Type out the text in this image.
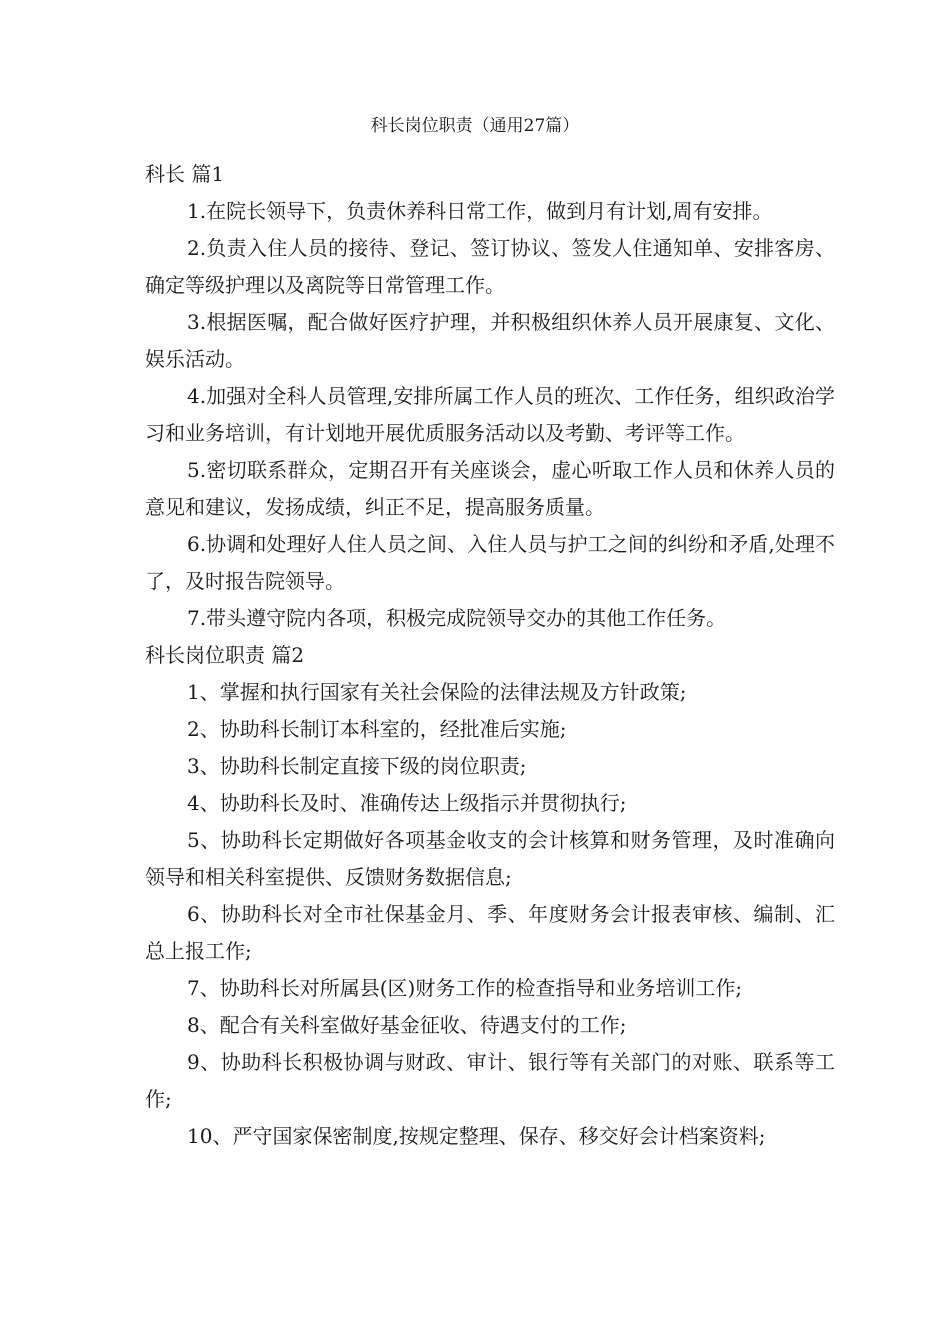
科长岗位职责（通用27篇）

科长 篇1

1.在院长领导下，负责休养科日常工作，做到月有计划,周有安排。

2.负责入住人员的接待、登记、签订协议、签发人住通知单、安排客房、确定等级护理以及离院等日常管理工作。

3.根据医嘱，配合做好医疗护理，并积极组织休养人员开展康复、文化、娱乐活动。

4.加强对全科人员管理,安排所属工作人员的班次、工作任务，组织政治学习和业务培训，有计划地开展优质服务活动以及考勤、考评等工作。

5.密切联系群众，定期召开有关座谈会，虚心听取工作人员和休养人员的意见和建议，发扬成绩，纠正不足，提高服务质量。

6.协调和处理好人住人员之间、入住人员与护工之间的纠纷和矛盾,处理不了，及时报告院领导。

7.带头遵守院内各项，积极完成院领导交办的其他工作任务。

科长岗位职责 篇2

1、掌握和执行国家有关社会保险的法律法规及方针政策;

2、协助科长制订本科室的，经批准后实施;

3、协助科长制定直接下级的岗位职责;

4、协助科长及时、准确传达上级指示并贯彻执行;

5、协助科长定期做好各项基金收支的会计核算和财务管理，及时准确向领导和相关科室提供、反馈财务数据信息;

6、协助科长对全市社保基金月、季、年度财务会计报表审核、编制、汇总上报工作;

7、协助科长对所属县(区)财务工作的检查指导和业务培训工作;

8、配合有关科室做好基金征收、待遇支付的工作;

9、协助科长积极协调与财政、审计、银行等有关部门的对账、联系等工作;

10、严守国家保密制度,按规定整理、保存、移交好会计档案资料;
